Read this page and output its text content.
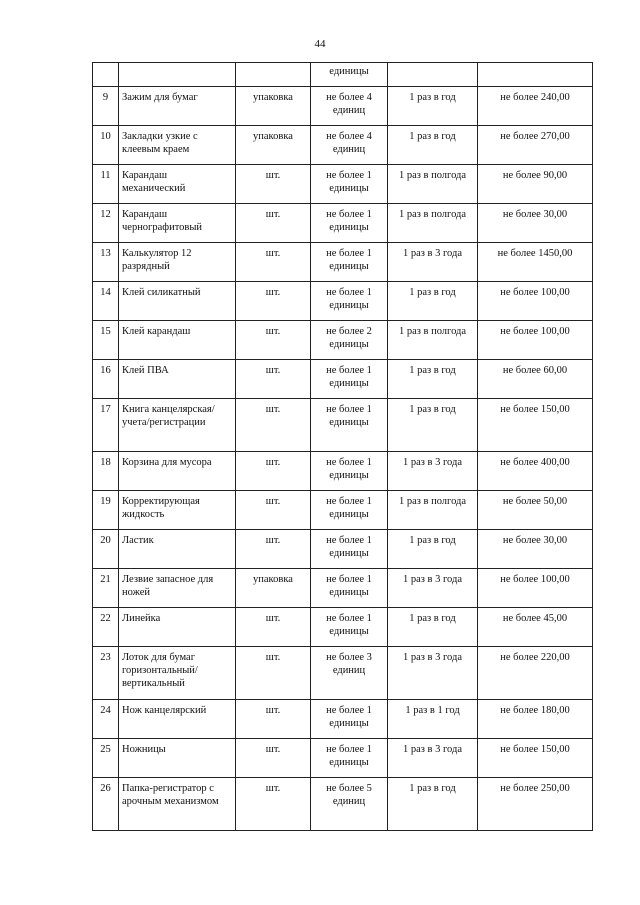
44
			единицы		
9	Зажим для бумаг	упаковка	не более 4 единиц	1 раз в год	не более 240,00
10	Закладки узкие с клеевым краем	упаковка	не более 4 единиц	1 раз в год	не более 270,00
11	Карандаш механический	шт.	не более 1 единицы	1 раз в полгода	не более 90,00
12	Карандаш чернографитовый	шт.	не более 1 единицы	1 раз в полгода	не более 30,00
13	Калькулятор 12 разрядный	шт.	не более 1 единицы	1 раз в 3 года	не более 1450,00
14	Клей силикатный	шт.	не более 1 единицы	1 раз в год	не более 100,00
15	Клей карандаш	шт.	не более 2 единицы	1 раз в полгода	не более 100,00
16	Клей ПВА	шт.	не более 1 единицы	1 раз в год	не более 60,00
17	Книга канцелярская/учета/регистрации	шт.	не более 1 единицы	1 раз в год	не более 150,00
18	Корзина для мусора	шт.	не более 1 единицы	1 раз в 3 года	не более 400,00
19	Корректирующая жидкость	шт.	не более 1 единицы	1 раз в полгода	не более 50,00
20	Ластик	шт.	не более 1 единицы	1 раз в год	не более 30,00
21	Лезвие запасное для ножей	упаковка	не более 1 единицы	1 раз в 3 года	не более 100,00
22	Линейка	шт.	не более 1 единицы	1 раз в год	не более 45,00
23	Лоток для бумаг горизонтальный/вертикальный	шт.	не более 3 единиц	1 раз в 3 года	не более 220,00
24	Нож канцелярский	шт.	не более 1 единицы	1 раз в 1 год	не более 180,00
25	Ножницы	шт.	не более 1 единицы	1 раз в 3 года	не более 150,00
26	Папка-регистратор с арочным механизмом	шт.	не более 5 единиц	1 раз в год	не более 250,00
